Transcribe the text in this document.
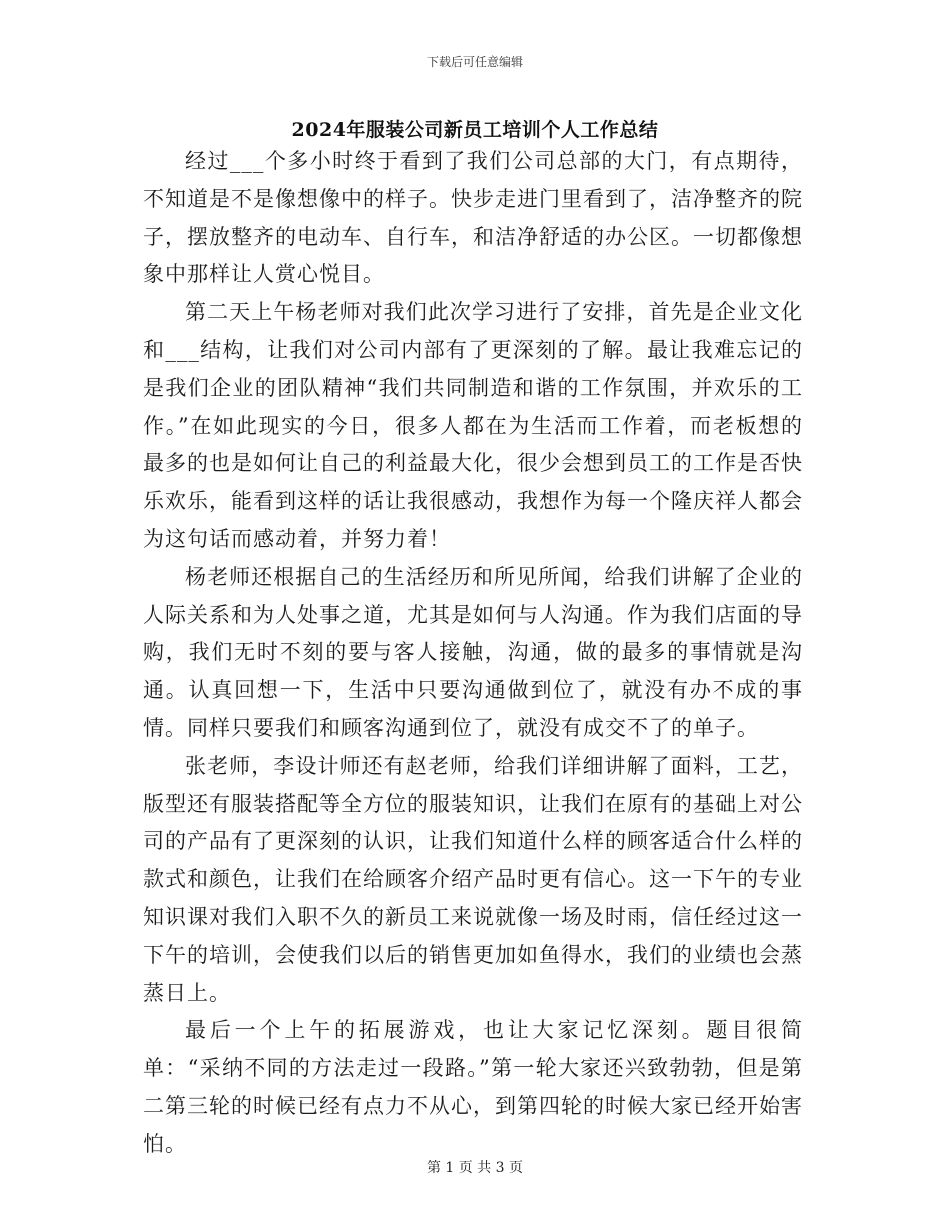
下载后可任意编辑
2024年服装公司新员工培训个人工作总结

经过___个多小时终于看到了我们公司总部的大门，有点期待，不知道是不是像想像中的样子。快步走进门里看到了，洁净整齐的院子，摆放整齐的电动车、自行车，和洁净舒适的办公区。一切都像想象中那样让人赏心悦目。

第二天上午杨老师对我们此次学习进行了安排，首先是企业文化和___结构，让我们对公司内部有了更深刻的了解。最让我难忘记的是我们企业的团队精神“我们共同制造和谐的工作氛围，并欢乐的工作。”在如此现实的今日，很多人都在为生活而工作着，而老板想的最多的也是如何让自己的利益最大化，很少会想到员工的工作是否快乐欢乐，能看到这样的话让我很感动，我想作为每一个隆庆祥人都会为这句话而感动着，并努力着！

杨老师还根据自己的生活经历和所见所闻，给我们讲解了企业的人际关系和为人处事之道，尤其是如何与人沟通。作为我们店面的导购，我们无时不刻的要与客人接触，沟通，做的最多的事情就是沟通。认真回想一下，生活中只要沟通做到位了，就没有办不成的事情。同样只要我们和顾客沟通到位了，就没有成交不了的单子。

张老师，李设计师还有赵老师，给我们详细讲解了面料，工艺，版型还有服装搭配等全方位的服装知识，让我们在原有的基础上对公司的产品有了更深刻的认识，让我们知道什么样的顾客适合什么样的款式和颜色，让我们在给顾客介绍产品时更有信心。这一下午的专业知识课对我们入职不久的新员工来说就像一场及时雨，信任经过这一下午的培训，会使我们以后的销售更加如鱼得水，我们的业绩也会蒸蒸日上。

最后一个上午的拓展游戏，也让大家记忆深刻。题目很简单：“采纳不同的方法走过一段路。”第一轮大家还兴致勃勃，但是第二第三轮的时候已经有点力不从心，到第四轮的时候大家已经开始害怕。

第 1 页 共 3 页
